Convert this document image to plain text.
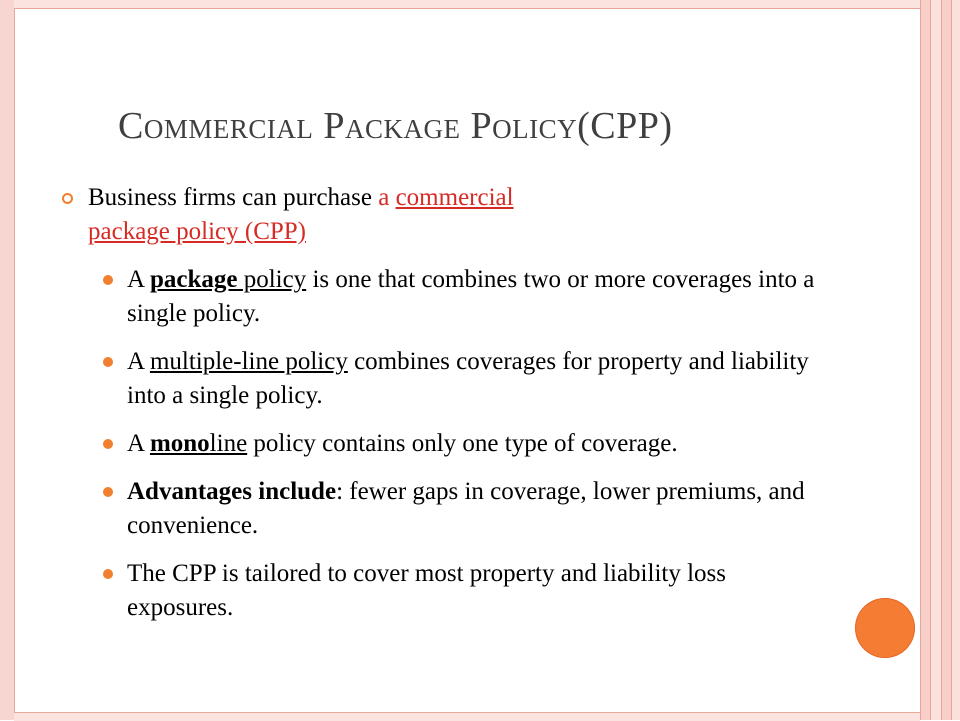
Commercial Package Policy(CPP)
Business firms can purchase a commercial
package policy (CPP)
A package policy is one that combines two or more coverages into a single policy.
A multiple-line policy combines coverages for property and liability into a single policy.
A monoline policy contains only one type of coverage.
Advantages include: fewer gaps in coverage, lower premiums, and convenience.
The CPP is tailored to cover most property and liability loss exposures.
